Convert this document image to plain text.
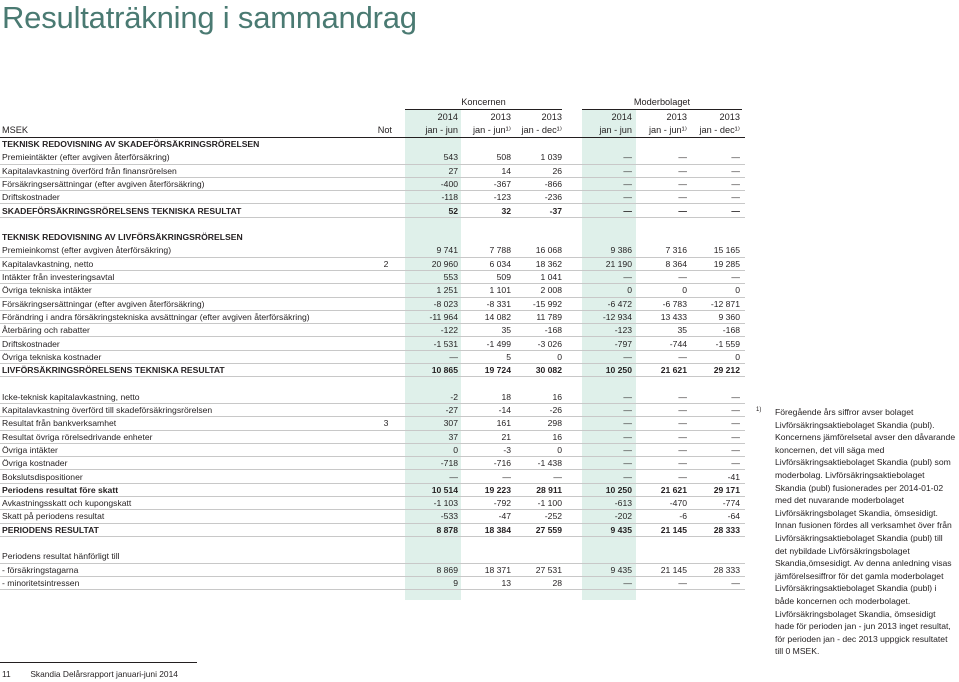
Resultaträkning i sammandrag
Koncernen	Moderbolaget
MSEK	Not
2014	2013	2013	2014	2013	2013
jan - jun	jan - jun¹⁾	jan - dec¹⁾	jan - jun	jan - jun¹⁾	jan - dec¹⁾
TEKNISK REDOVISNING AV SKADEFÖRSÄKRINGSRÖRELSEN
Premieintäkter (efter avgiven återförsäkring)	543	508	1 039	—	—	—
Kapitalavkastning överförd från finansrörelsen	27	14	26	—	—	—
Försäkringsersättningar (efter avgiven återförsäkring)	-400	-367	-866	—	—	—
Driftskostnader	-118	-123	-236	—	—	—
SKADEFÖRSÄKRINGSRÖRELSENS TEKNISKA RESULTAT	52	32	-37	—	—	—
TEKNISK REDOVISNING AV LIVFÖRSÄKRINGSRÖRELSEN
Premieinkomst (efter avgiven återförsäkring)	9 741	7 788	16 068	9 386	7 316	15 165
Kapitalavkastning, netto	2	20 960	6 034	18 362	21 190	8 364	19 285
Intäkter från investeringsavtal	553	509	1 041	—	—	—
Övriga tekniska intäkter	1 251	1 101	2 008	0	0	0
Försäkringsersättningar (efter avgiven återförsäkring)	-8 023	-8 331	-15 992	-6 472	-6 783	-12 871
Förändring i andra försäkringstekniska avsättningar (efter avgiven återförsäkring)	-11 964	14 082	11 789	-12 934	13 433	9 360
Återbäring och rabatter	-122	35	-168	-123	35	-168
Driftskostnader	-1 531	-1 499	-3 026	-797	-744	-1 559
Övriga tekniska kostnader	—	5	0	—	—	0
LIVFÖRSÄKRINGSRÖRELSENS TEKNISKA RESULTAT	10 865	19 724	30 082	10 250	21 621	29 212
Icke-teknisk kapitalavkastning, netto	-2	18	16	—	—	—
Kapitalavkastning överförd till skadeförsäkringsrörelsen	-27	-14	-26	—	—	—
Resultat från bankverksamhet	3	307	161	298	—	—	—
Resultat övriga rörelsedrivande enheter	37	21	16	—	—	—
Övriga intäkter	0	-3	0	—	—	—
Övriga kostnader	-718	-716	-1 438	—	—	—
Bokslutsdispositioner	—	—	—	—	—	-41
Periodens resultat före skatt	10 514	19 223	28 911	10 250	21 621	29 171
Avkastningsskatt och kupongskatt	-1 103	-792	-1 100	-613	-470	-774
Skatt på periodens resultat	-533	-47	-252	-202	-6	-64
PERIODENS RESULTAT	8 878	18 384	27 559	9 435	21 145	28 333
Periodens resultat hänförligt till
- försäkringstagarna	8 869	18 371	27 531	9 435	21 145	28 333
- minoritetsintressen	9	13	28	—	—	—
1) Föregående års siffror avser bolaget Livförsäkringsaktiebolaget Skandia (publ). Koncernens jämförelsetal avser den dåvarande koncernen, det vill säga med Livförsäkringsaktiebolaget Skandia (publ) som moderbolag. Livförsäkringsaktiebolaget Skandia (publ) fusionerades per 2014-01-02 med det nuvarande moderbolaget Livförsäkringsbolaget Skandia, ömsesidigt. Innan fusionen fördes all verksamhet över från Livförsäkringsaktiebolaget Skandia (publ) till det nybildade Livförsäkringsbolaget Skandia,ömsesidigt. Av denna anledning visas jämförelsesiffror för det gamla moderbolaget Livförsäkringsaktiebolaget Skandia (publ) i både koncernen och moderbolaget. Livförsäkringsbolaget Skandia, ömsesidigt hade för perioden jan - jun 2013 inget resultat, för perioden jan - dec 2013 uppgick resultatet till 0 MSEK.
11 Skandia Delårsrapport januari-juni 2014
